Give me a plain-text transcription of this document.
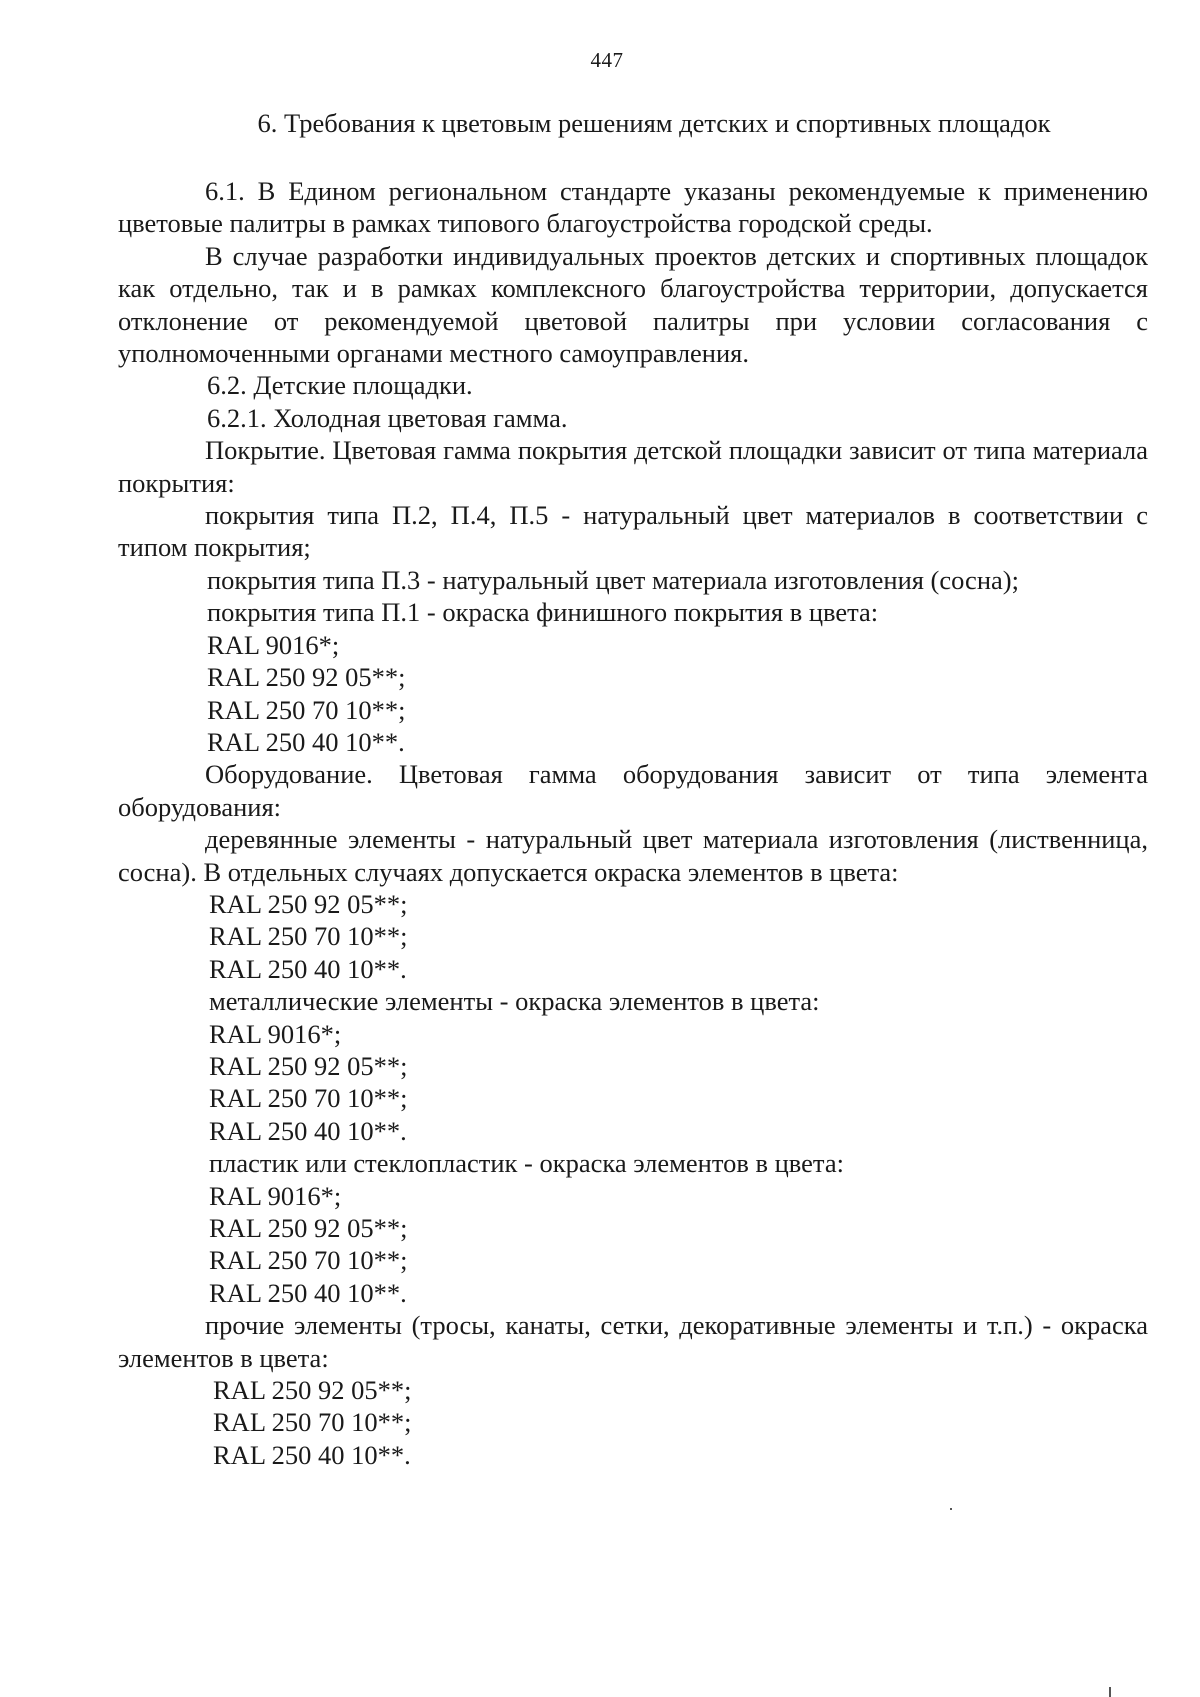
447
6. Требования к цветовым решениям детских и спортивных площадок

6.1. В Едином региональном стандарте указаны рекомендуемые к применению цветовые палитры в рамках типового благоустройства городской среды.

В случае разработки индивидуальных проектов детских и спортивных площадок как отдельно, так и в рамках комплексного благоустройства территории, допускается отклонение от рекомендуемой цветовой палитры при условии согласования с уполномоченными органами местного самоуправления.

6.2. Детские площадки.

6.2.1. Холодная цветовая гамма.

Покрытие. Цветовая гамма покрытия детской площадки зависит от типа материала покрытия:

покрытия типа П.2, П.4, П.5 - натуральный цвет материалов в соответствии с типом покрытия;

покрытия типа П.3 - натуральный цвет материала изготовления (сосна);

покрытия типа П.1 - окраска финишного покрытия в цвета:

RAL 9016*;

RAL 250 92 05**;

RAL 250 70 10**;

RAL 250 40 10**.

Оборудование. Цветовая гамма оборудования зависит от типа элемента оборудования:

деревянные элементы - натуральный цвет материала изготовления (лиственница, сосна). В отдельных случаях допускается окраска элементов в цвета:

RAL 250 92 05**;

RAL 250 70 10**;

RAL 250 40 10**.

металлические элементы - окраска элементов в цвета:

RAL 9016*;

RAL 250 92 05**;

RAL 250 70 10**;

RAL 250 40 10**.

пластик или стеклопластик - окраска элементов в цвета:

RAL 9016*;

RAL 250 92 05**;

RAL 250 70 10**;

RAL 250 40 10**.

прочие элементы (тросы, канаты, сетки, декоративные элементы и т.п.) - окраска элементов в цвета:

RAL 250 92 05**;

RAL 250 70 10**;

RAL 250 40 10**.
